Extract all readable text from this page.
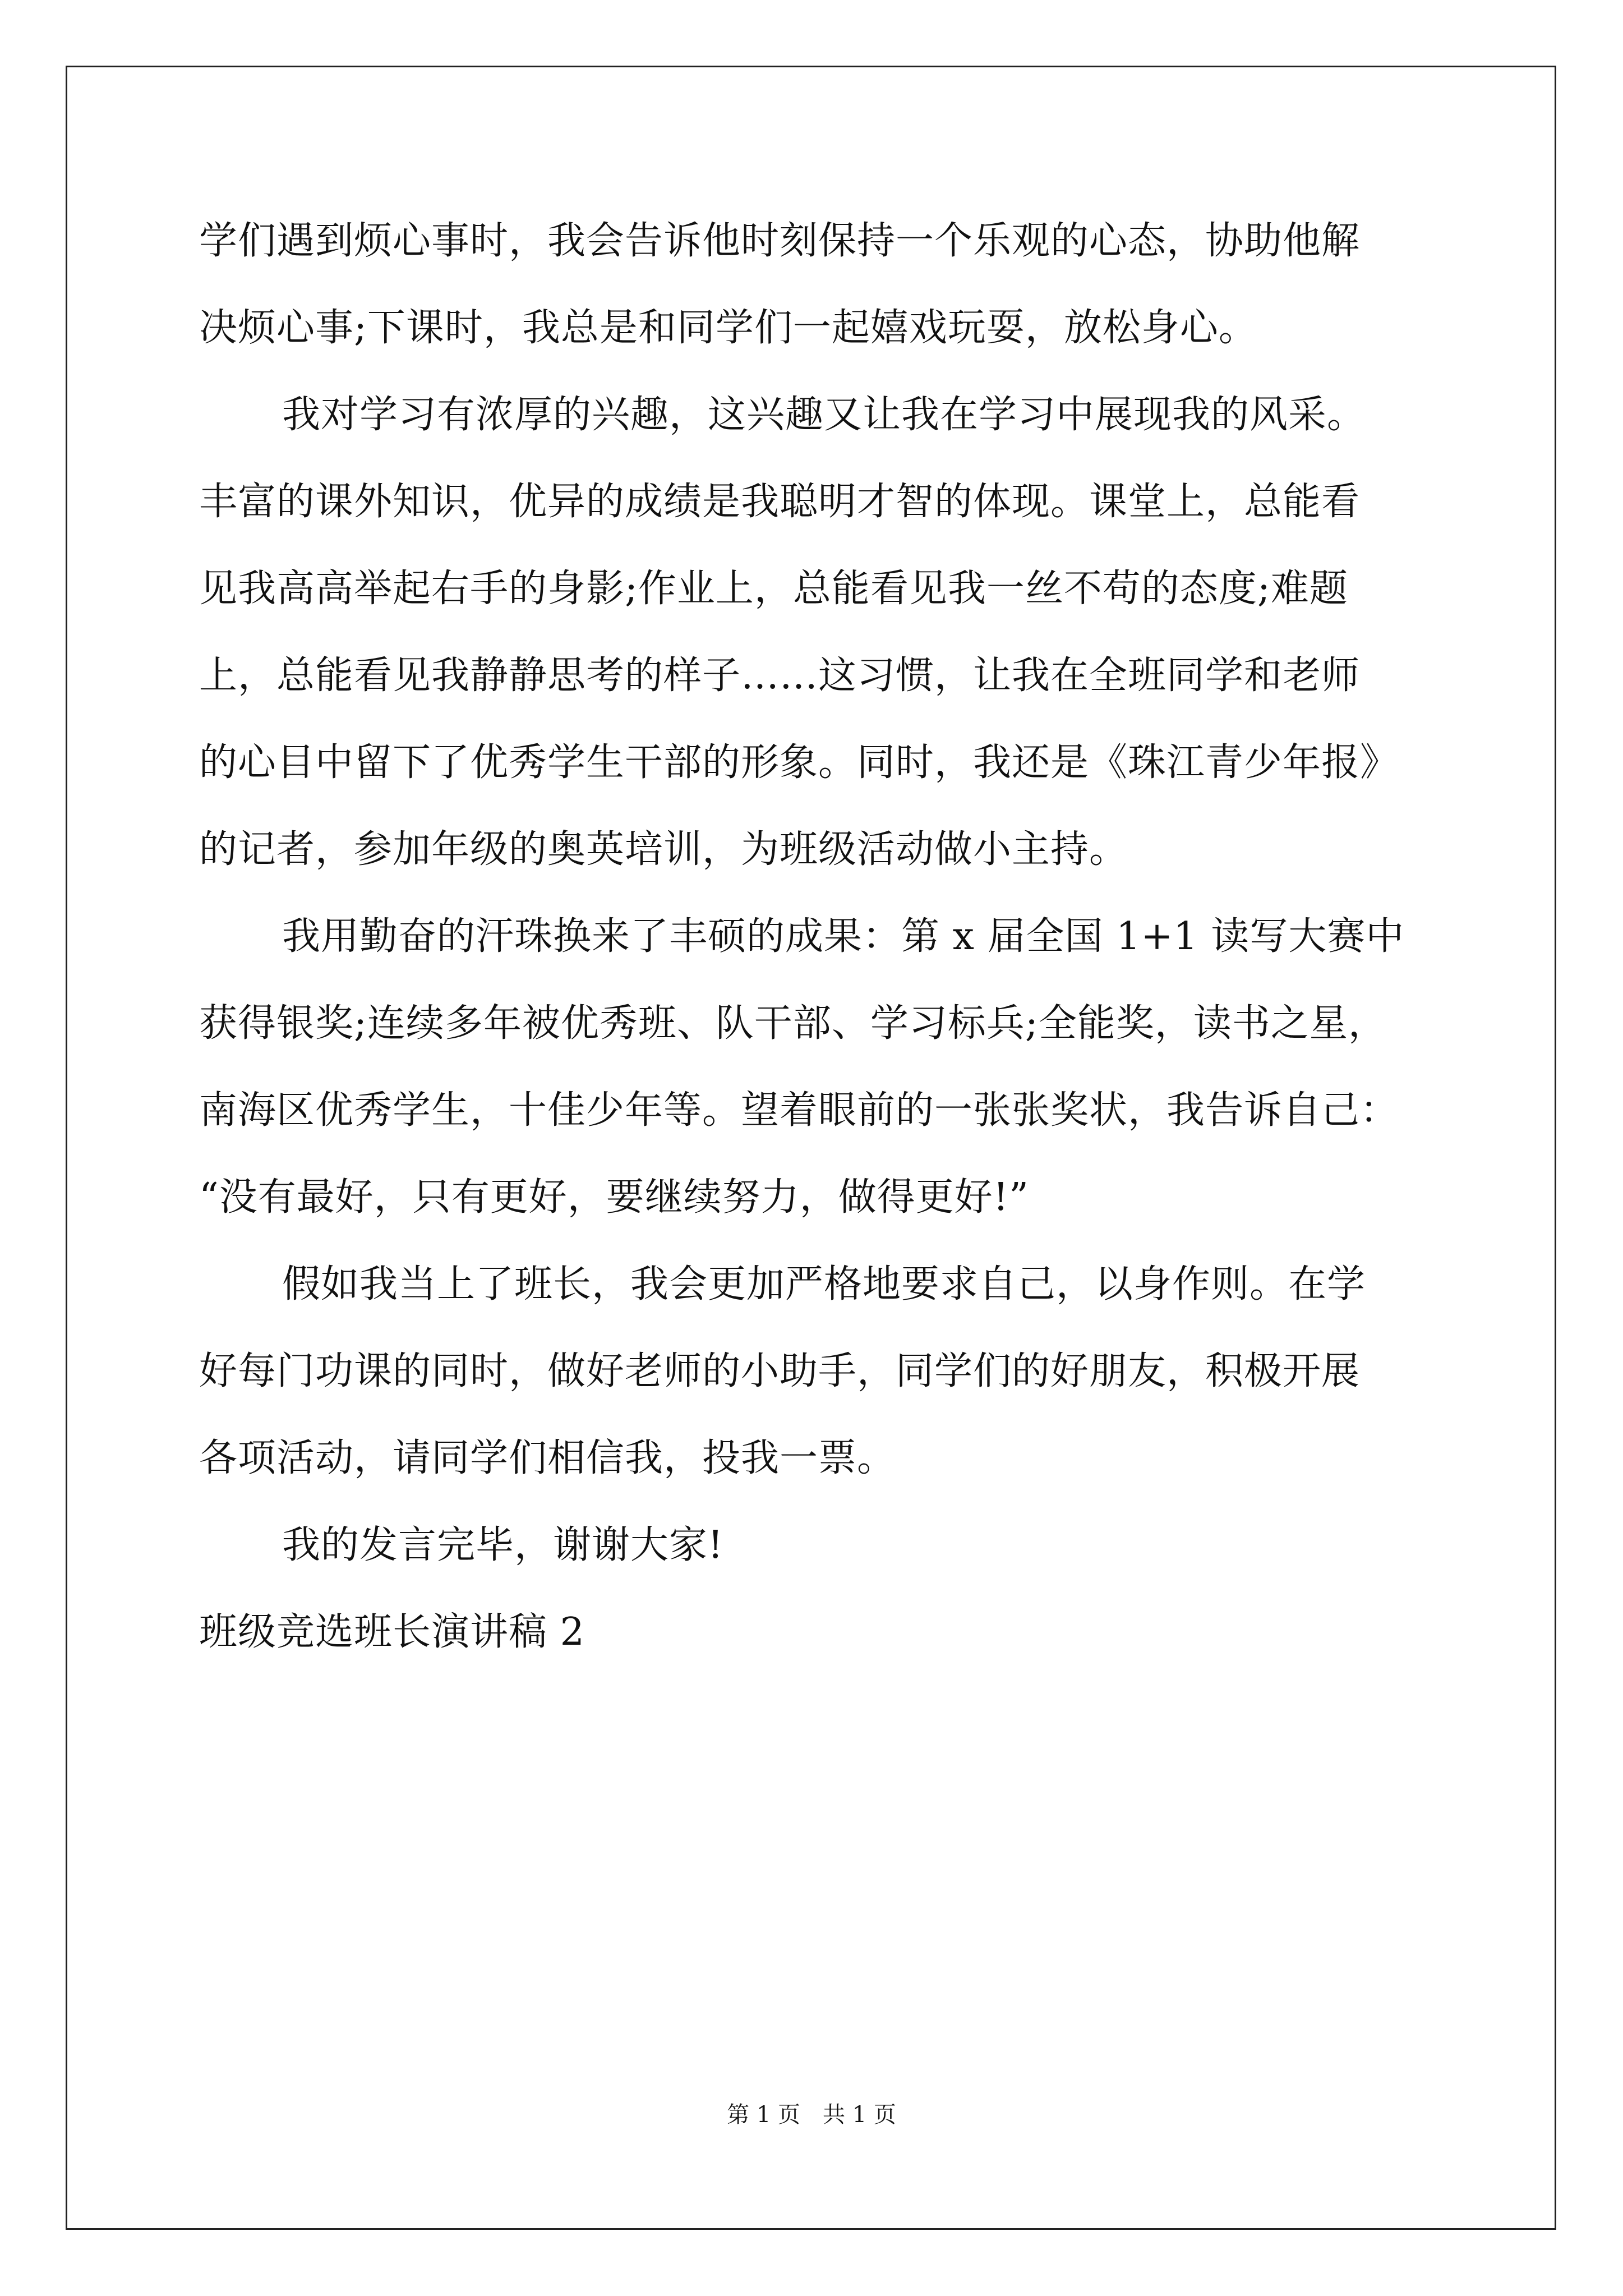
学们遇到烦心事时，我会告诉他时刻保持一个乐观的心态，协助他解
决烦心事;下课时，我总是和同学们一起嬉戏玩耍，放松身心。
我对学习有浓厚的兴趣，这兴趣又让我在学习中展现我的风采。
丰富的课外知识，优异的成绩是我聪明才智的体现。课堂上，总能看
见我高高举起右手的身影;作业上，总能看见我一丝不苟的态度;难题
上，总能看见我静静思考的样子……这习惯，让我在全班同学和老师
的心目中留下了优秀学生干部的形象。同时，我还是《珠江青少年报》
的记者，参加年级的奥英培训，为班级活动做小主持。
我用勤奋的汗珠换来了丰硕的成果：第 x 届全国 1+1 读写大赛中
获得银奖;连续多年被优秀班、队干部、学习标兵;全能奖，读书之星，
南海区优秀学生，十佳少年等。望着眼前的一张张奖状，我告诉自己：
“没有最好，只有更好，要继续努力，做得更好!”
假如我当上了班长，我会更加严格地要求自己，以身作则。在学
好每门功课的同时，做好老师的小助手，同学们的好朋友，积极开展
各项活动，请同学们相信我，投我一票。
我的发言完毕，谢谢大家!
班级竞选班长演讲稿 2
第 1 页　共 1 页
